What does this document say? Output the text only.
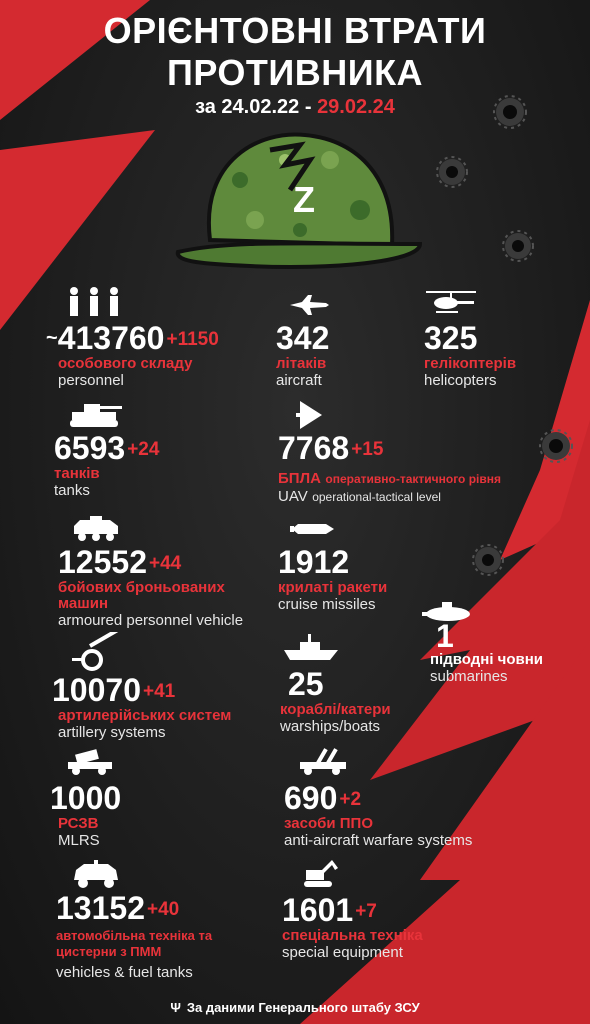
Z
ОРІЄНТОВНІ ВТРАТИ
ПРОТИВНИКА
за 24.02.22 - 29.02.24
~413760 $^{+1150}$
особового складу
personnel
342
літаків
aircraft
325
гелікоптерів
helicopters
6593 $^{+24}$
танків
tanks
7768 $^{+15}$
БПЛА оперативно-тактичного рівня
UAV operational-tactical level
12552 $^{+44}$
бойових броньованих машин
armoured personnel vehicle
1912
крилаті ракети
cruise missiles
1
підводні човни
submarines
10070 $^{+41}$
артилерійських систем
artillery systems
25
кораблі/катери
warships/boats
1000
РСЗВ
MLRS
690 $^{+2}$
засоби ППО
anti-aircraft warfare systems
13152 $^{+40}$
автомобільна техніка та цистерни з ПММ
vehicles & fuel tanks
1601 $^{+7}$
спеціальна техніка
special equipment
Ψ За даними Генерального штабу ЗСУ
